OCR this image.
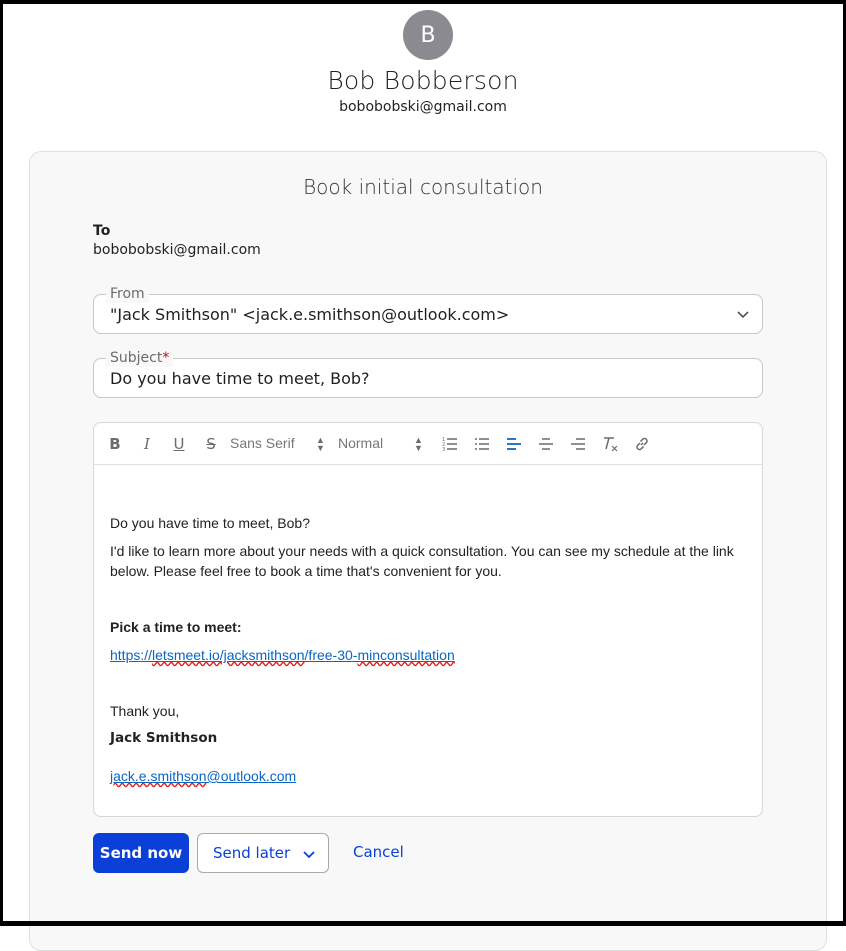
B
Bob Bobberson
bobobobski@gmail.com
Book initial consultation
To
bobobobski@gmail.com
From
"Jack Smithson" <jack.e.smithson@outlook.com>
Subject*
Do you have time to meet, Bob?
B I U S Sans Serif ▲
▼ Normal	▲
▼
1
2
3
Do you have time to meet, Bob?
I'd like to learn more about your needs with a quick consultation. You can see my schedule at the link
below. Please feel free to book a time that's convenient for you.
Pick a time to meet:
https://letsmeet.io/jacksmithson/free-30-minconsultation
Thank you,
Jack Smithson
jack.e.smithson@outlook.com
Send now	Send later	Cancel
